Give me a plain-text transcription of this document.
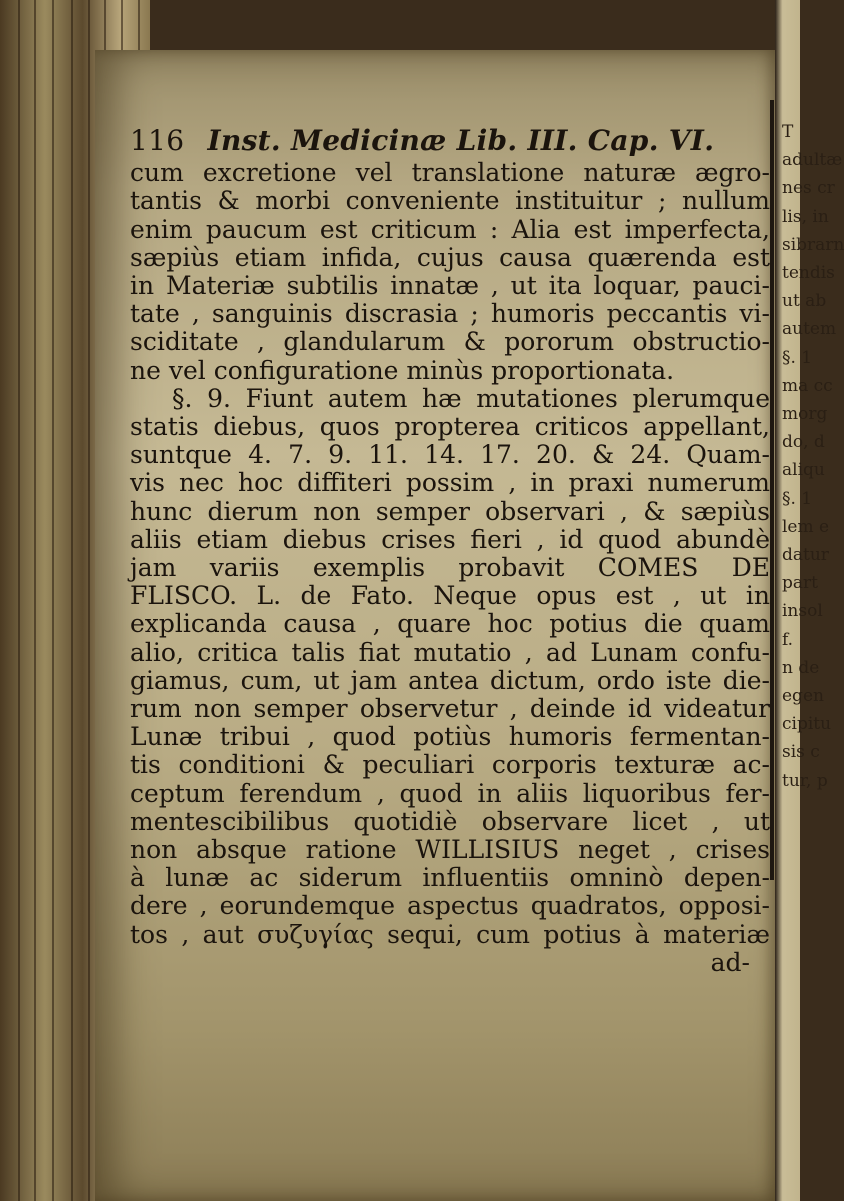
T
adultæ
nes cr
lis, in
sibrarn
tendis
ut ab
autem
§. 1
ma cc
morg
do, d
aliqu
§. 1
lem e
datur
part
insol
f.
n de
egen
cipitu
sis c
tur, p
116 Inst. Medicinæ Lib. III. Cap. VI.
cum excretione vel translatione naturæ ægro-
tantis & morbi conveniente instituitur ; nullum
enim paucum est criticum : Alia est imperfecta,
sæpiùs etiam infida, cujus causa quærenda est
in Materiæ subtilis innatæ , ut ita loquar, pauci-
tate , sanguinis discrasia ; humoris peccantis vi-
sciditate , glandularum & pororum obstructio-
ne vel configuratione minùs proportionata.
§. 9. Fiunt autem hæ mutationes plerumque
statis diebus, quos propterea criticos appellant,
suntque 4. 7. 9. 11. 14. 17. 20. & 24. Quam-
vis nec hoc diffiteri possim , in praxi numerum
hunc dierum non semper observari , & sæpiùs
aliis etiam diebus crises fieri , id quod abundè
jam variis exemplis probavit COMES DE
FLISCO. L. de Fato. Neque opus est , ut in
explicanda causa , quare hoc potius die quam
alio, critica talis fiat mutatio , ad Lunam confu-
giamus, cum, ut jam antea dictum, ordo iste die-
rum non semper observetur , deinde id videatur
Lunæ tribui , quod potiùs humoris fermentan-
tis conditioni & peculiari corporis texturæ ac-
ceptum ferendum , quod in aliis liquoribus fer-
mentescibilibus quotidiè observare licet , ut
non absque ratione WILLISIUS neget , crises
à lunæ ac siderum influentiis omninò depen-
dere , eorundemque aspectus quadratos, opposi-
tos , aut συζυγίας sequi, cum potius à materiæ
ad-
